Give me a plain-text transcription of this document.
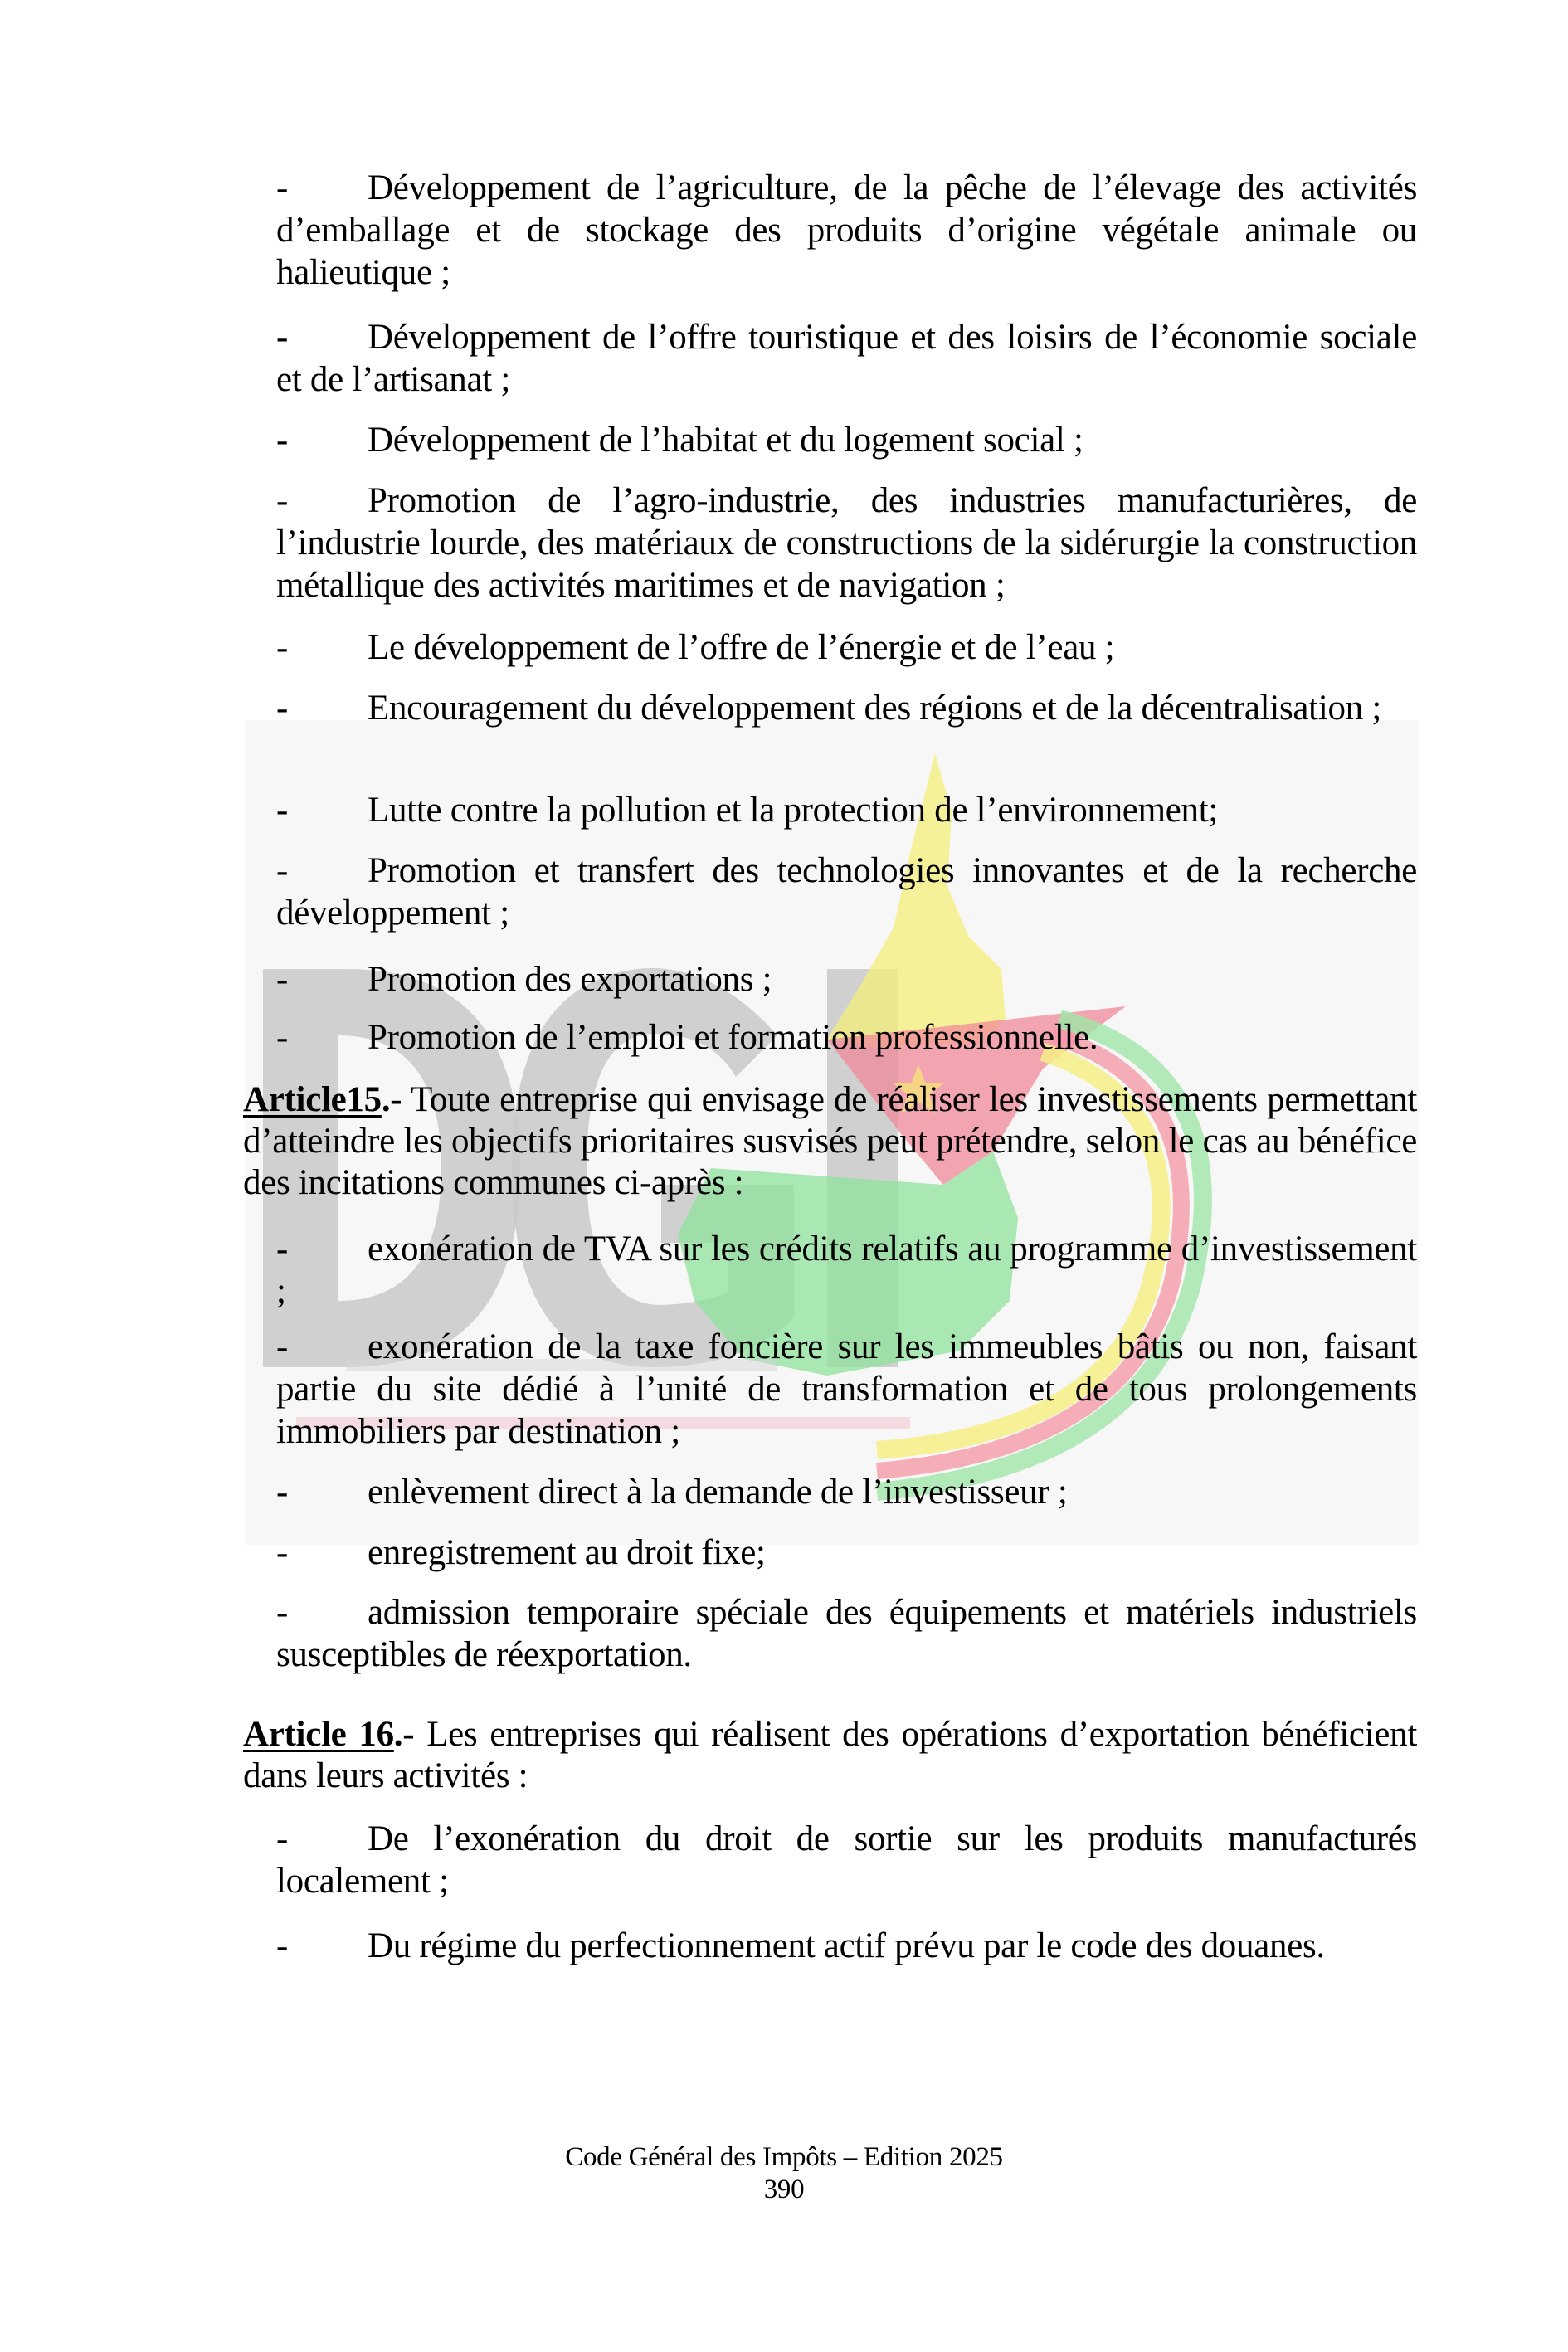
- Développement de l’agriculture, de la pêche de l’élevage des activités d’emballage et de stockage des produits d’origine végétale animale ou halieutique ;

- Développement de l’offre touristique et des loisirs de l’économie sociale et de l’artisanat ;

- Développement de l’habitat et du logement social ;

- Promotion de l’agro-industrie, des industries manufacturières, de l’industrie lourde, des matériaux de constructions de la sidérurgie la construction métallique des activités maritimes et de navigation ;

- Le développement de l’offre de l’énergie et de l’eau ;

- Encouragement du développement des régions et de la décentralisation ;

- Lutte contre la pollution et la protection de l’environnement;

- Promotion et transfert des technologies innovantes et de la recherche développement ;

- Promotion des exportations ;

- Promotion de l’emploi et formation professionnelle.

Article15.- Toute entreprise qui envisage de réaliser les investissements permettant d’atteindre les objectifs prioritaires susvisés peut prétendre, selon le cas au bénéfice des incitations communes ci-après :

- exonération de TVA sur les crédits relatifs au programme d’investissement ;

- exonération de la taxe foncière sur les immeubles bâtis ou non, faisant partie du site dédié à l’unité de transformation et de tous prolongements immobiliers par destination ;

- enlèvement direct à la demande de l’investisseur ;

- enregistrement au droit fixe;

- admission temporaire spéciale des équipements et matériels industriels susceptibles de réexportation.

Article 16.- Les entreprises qui réalisent des opérations d’exportation bénéficient dans leurs activités :

- De l’exonération du droit de sortie sur les produits manufacturés localement ;

- Du régime du perfectionnement actif prévu par le code des douanes.

Code Général des Impôts – Edition 2025
390
